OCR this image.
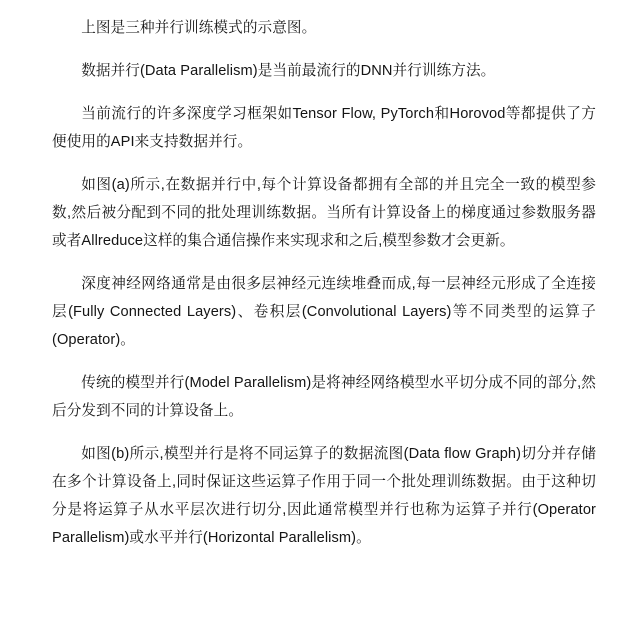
上图是三种并行训练模式的示意图。

数据并行(Data Parallelism)是当前最流行的DNN并行训练方法。

当前流行的许多深度学习框架如Tensor Flow, PyTorch和Horovod等都提供了方便使用的API来支持数据并行。

如图(a)所示,在数据并行中,每个计算设备都拥有全部的并且完全一致的模型参数,然后被分配到不同的批处理训练数据。当所有计算设备上的梯度通过参数服务器或者Allreduce这样的集合通信操作来实现求和之后,模型参数才会更新。

深度神经网络通常是由很多层神经元连续堆叠而成,每一层神经元形成了全连接层(Fully Connected Layers)、卷积层(Convolutional Layers)等不同类型的运算子(Operator)。

传统的模型并行(Model Parallelism)是将神经网络模型水平切分成不同的部分,然后分发到不同的计算设备上。

如图(b)所示,模型并行是将不同运算子的数据流图(Data flow Graph)切分并存储在多个计算设备上,同时保证这些运算子作用于同一个批处理训练数据。由于这种切分是将运算子从水平层次进行切分,因此通常模型并行也称为运算子并行(Operator Parallelism)或水平并行(Horizontal Parallelism)。
